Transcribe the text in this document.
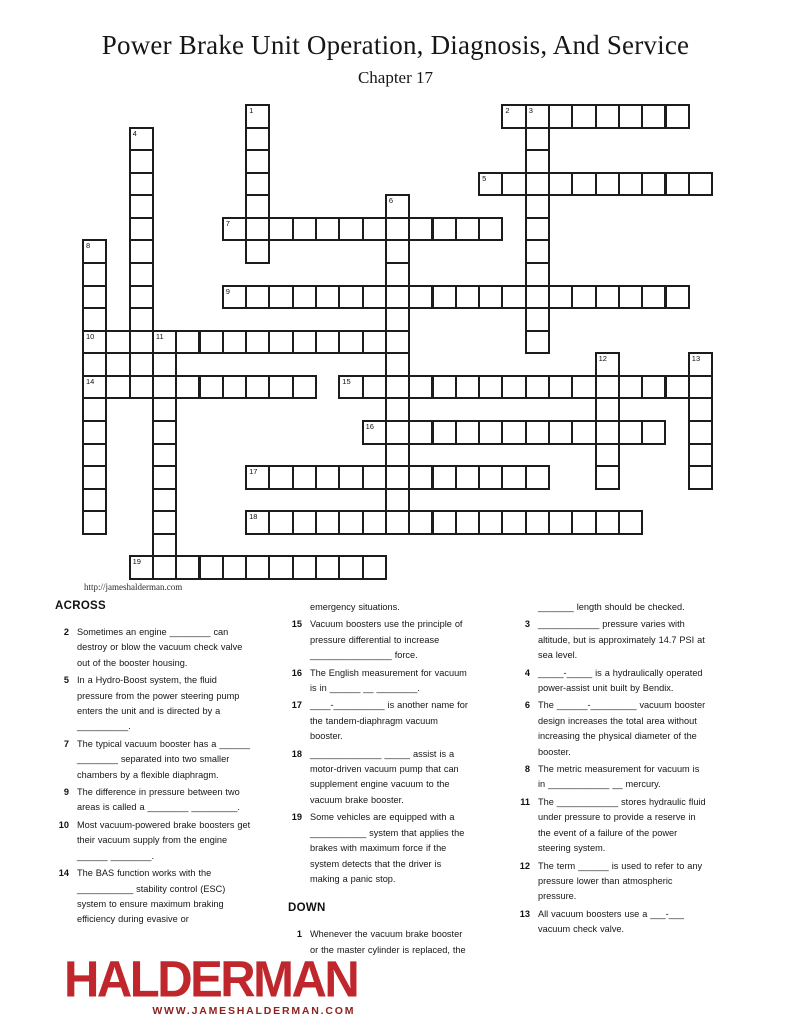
Power Brake Unit Operation, Diagnosis, And Service
Chapter 17
1	2	3
4
5
6
7
8
10
14
9
11
12	13
15
16
17
18
19
http://jameshalderman.com
ACROSS
2 Sometimes an engine ________ can destroy or blow the vacuum check valve out of the booster housing.
5 In a Hydro-Boost system, the fluid pressure from the power steering pump enters the unit and is directed by a __________.
7 The typical vacuum booster has a ______ ________ separated into two smaller chambers by a flexible diaphragm.
9 The difference in pressure between two areas is called a ________ _________.
10 Most vacuum-powered brake boosters get their vacuum supply from the engine ______ ________.
14 The BAS function works with the ___________ stability control (ESC) system to ensure maximum braking efficiency during evasive or
emergency situations.
15 Vacuum boosters use the principle of pressure differential to increase ________________ force.
16 The English measurement for vacuum is in ______ __ ________.
17 ____-__________ is another name for the tandem-diaphragm vacuum booster.
18 ______________ _____ assist is a motor-driven vacuum pump that can supplement engine vacuum to the vacuum brake booster.
19 Some vehicles are equipped with a ___________ system that applies the brakes with maximum force if the system detects that the driver is making a panic stop.
DOWN
1 Whenever the vacuum brake booster or the master cylinder is replaced, the
_______ length should be checked.
3 ____________ pressure varies with altitude, but is approximately 14.7 PSI at sea level.
4 _____-_____ is a hydraulically operated power-assist unit built by Bendix.
6 The ______-_________ vacuum booster design increases the total area without increasing the physical diameter of the booster.
8 The metric measurement for vacuum is in ____________ __ mercury.
11 The ____________ stores hydraulic fluid under pressure to provide a reserve in the event of a failure of the power steering system.
12 The term ______ is used to refer to any pressure lower than atmospheric pressure.
13 All vacuum boosters use a ___-___ vacuum check valve.
HALDERMAN
WWW.JAMESHALDERMAN.COM
